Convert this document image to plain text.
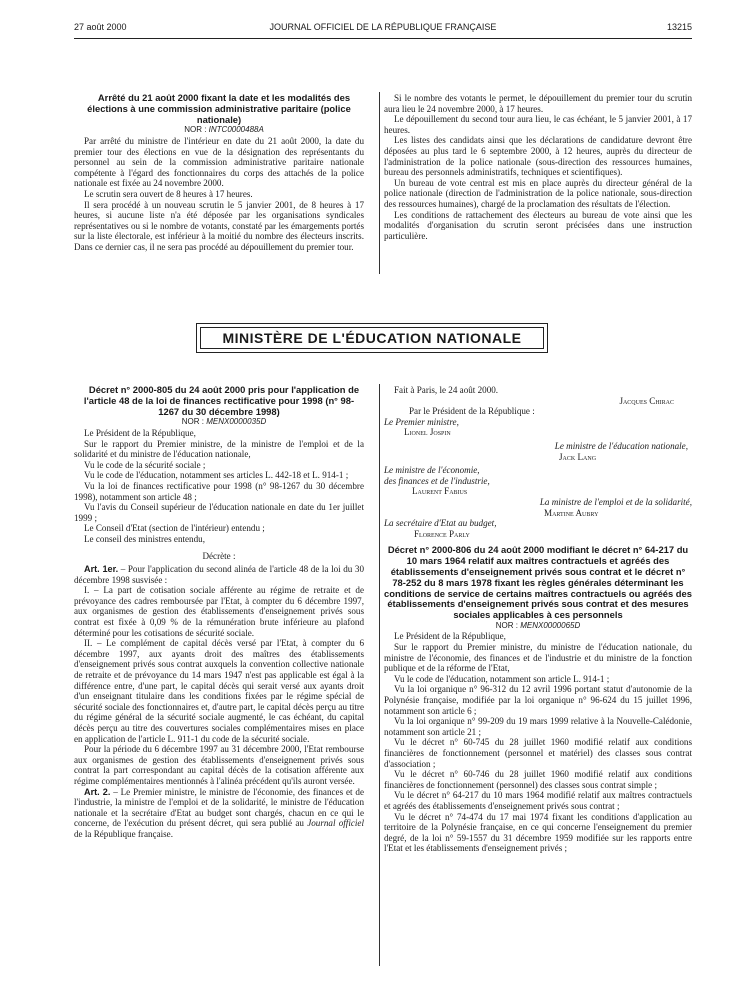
27 août 2000	JOURNAL OFFICIEL DE LA RÉPUBLIQUE FRANÇAISE	13215

Arrêté du 21 août 2000 fixant la date et les modalités des élections à une commission administrative paritaire (police nationale)

NOR : INTC0000488A

Par arrêté du ministre de l'intérieur en date du 21 août 2000, la date du premier tour des élections en vue de la désignation des représentants du personnel au sein de la commission administrative paritaire nationale compétente à l'égard des fonctionnaires du corps des attachés de la police nationale est fixée au 24 novembre 2000.

Le scrutin sera ouvert de 8 heures à 17 heures.

Il sera procédé à un nouveau scrutin le 5 janvier 2001, de 8 heures à 17 heures, si aucune liste n'a été déposée par les organisations syndicales représentatives ou si le nombre de votants, constaté par les émargements portés sur la liste électorale, est inférieur à la moitié du nombre des électeurs inscrits. Dans ce dernier cas, il ne sera pas procédé au dépouillement du premier tour.

Si le nombre des votants le permet, le dépouillement du premier tour du scrutin aura lieu le 24 novembre 2000, à 17 heures.

Le dépouillement du second tour aura lieu, le cas échéant, le 5 janvier 2001, à 17 heures.

Les listes des candidats ainsi que les déclarations de candidature devront être déposées au plus tard le 6 septembre 2000, à 12 heures, auprès du directeur de l'administration de la police nationale (sous-direction des ressources humaines, bureau des personnels administratifs, techniques et scientifiques).

Un bureau de vote central est mis en place auprès du directeur général de la police nationale (direction de l'administration de la police nationale, sous-direction des ressources humaines), chargé de la proclamation des résultats de l'élection.

Les conditions de rattachement des électeurs au bureau de vote ainsi que les modalités d'organisation du scrutin seront précisées dans une instruction particulière.

MINISTÈRE DE L'ÉDUCATION NATIONALE

Décret n° 2000-805 du 24 août 2000 pris pour l'application de l'article 48 de la loi de finances rectificative pour 1998 (n° 98-1267 du 30 décembre 1998)

NOR : MENX0000035D

Le Président de la République,

Sur le rapport du Premier ministre, de la ministre de l'emploi et de la solidarité et du ministre de l'éducation nationale,

Vu le code de la sécurité sociale ;

Vu le code de l'éducation, notamment ses articles L. 442-18 et L. 914-1 ;

Vu la loi de finances rectificative pour 1998 (n° 98-1267 du 30 décembre 1998), notamment son article 48 ;

Vu l'avis du Conseil supérieur de l'éducation nationale en date du 1er juillet 1999 ;

Le Conseil d'Etat (section de l'intérieur) entendu ;

Le conseil des ministres entendu,

Décrète :

Art. 1er. – Pour l'application du second alinéa de l'article 48 de la loi du 30 décembre 1998 susvisée :

I. – La part de cotisation sociale afférente au régime de retraite et de prévoyance des cadres remboursée par l'Etat, à compter du 6 décembre 1997, aux organismes de gestion des établissements d'enseignement privés sous contrat est fixée à 0,09 % de la rémunération brute inférieure au plafond déterminé pour les cotisations de sécurité sociale.

II. – Le complément de capital décès versé par l'Etat, à compter du 6 décembre 1997, aux ayants droit des maîtres des établissements d'enseignement privés sous contrat auxquels la convention collective nationale de retraite et de prévoyance du 14 mars 1947 n'est pas applicable est égal à la différence entre, d'une part, le capital décès qui serait versé aux ayants droit d'un enseignant titulaire dans les conditions fixées par le régime spécial de sécurité sociale des fonctionnaires et, d'autre part, le capital décès perçu au titre du régime général de la sécurité sociale augmenté, le cas échéant, du capital décès perçu au titre des couvertures sociales complémentaires mises en place en application de l'article L. 911-1 du code de la sécurité sociale.

Pour la période du 6 décembre 1997 au 31 décembre 2000, l'Etat rembourse aux organismes de gestion des établissements d'enseignement privés sous contrat la part correspondant au capital décès de la cotisation afférente aux régime complémentaires mentionnés à l'alinéa précédent qu'ils auront versée.

Art. 2. – Le Premier ministre, le ministre de l'économie, des finances et de l'industrie, la ministre de l'emploi et de la solidarité, le ministre de l'éducation nationale et la secrétaire d'Etat au budget sont chargés, chacun en ce qui le concerne, de l'exécution du présent décret, qui sera publié au Journal officiel de la République française.

Fait à Paris, le 24 août 2000.

Jacques Chirac

Par le Président de la République :

Le Premier ministre,

Lionel Jospin

Le ministre de l'éducation nationale,

Jack Lang

Le ministre de l'économie,

des finances et de l'industrie,

Laurent Fabius

La ministre de l'emploi et de la solidarité,

Martine Aubry

La secrétaire d'Etat au budget,

Florence Parly

Décret n° 2000-806 du 24 août 2000 modifiant le décret n° 64-217 du 10 mars 1964 relatif aux maîtres contractuels et agréés des établissements d'enseignement privés sous contrat et le décret n° 78-252 du 8 mars 1978 fixant les règles générales déterminant les conditions de service de certains maîtres contractuels ou agréés des établissements d'enseignement privés sous contrat et des mesures sociales applicables à ces personnels

NOR : MENX0000065D

Le Président de la République,

Sur le rapport du Premier ministre, du ministre de l'éducation nationale, du ministre de l'économie, des finances et de l'industrie et du ministre de la fonction publique et de la réforme de l'Etat,

Vu le code de l'éducation, notamment son article L. 914-1 ;

Vu la loi organique n° 96-312 du 12 avril 1996 portant statut d'autonomie de la Polynésie française, modifiée par la loi organique n° 96-624 du 15 juillet 1996, notamment son article 6 ;

Vu la loi organique n° 99-209 du 19 mars 1999 relative à la Nouvelle-Calédonie, notamment son article 21 ;

Vu le décret n° 60-745 du 28 juillet 1960 modifié relatif aux conditions financières de fonctionnement (personnel et matériel) des classes sous contrat d'association ;

Vu le décret n° 60-746 du 28 juillet 1960 modifié relatif aux conditions financières de fonctionnement (personnel) des classes sous contrat simple ;

Vu le décret n° 64-217 du 10 mars 1964 modifié relatif aux maîtres contractuels et agréés des établissements d'enseignement privés sous contrat ;

Vu le décret n° 74-474 du 17 mai 1974 fixant les conditions d'application au territoire de la Polynésie française, en ce qui concerne l'enseignement du premier degré, de la loi n° 59-1557 du 31 décembre 1959 modifiée sur les rapports entre l'Etat et les établissements d'enseignement privés ;
